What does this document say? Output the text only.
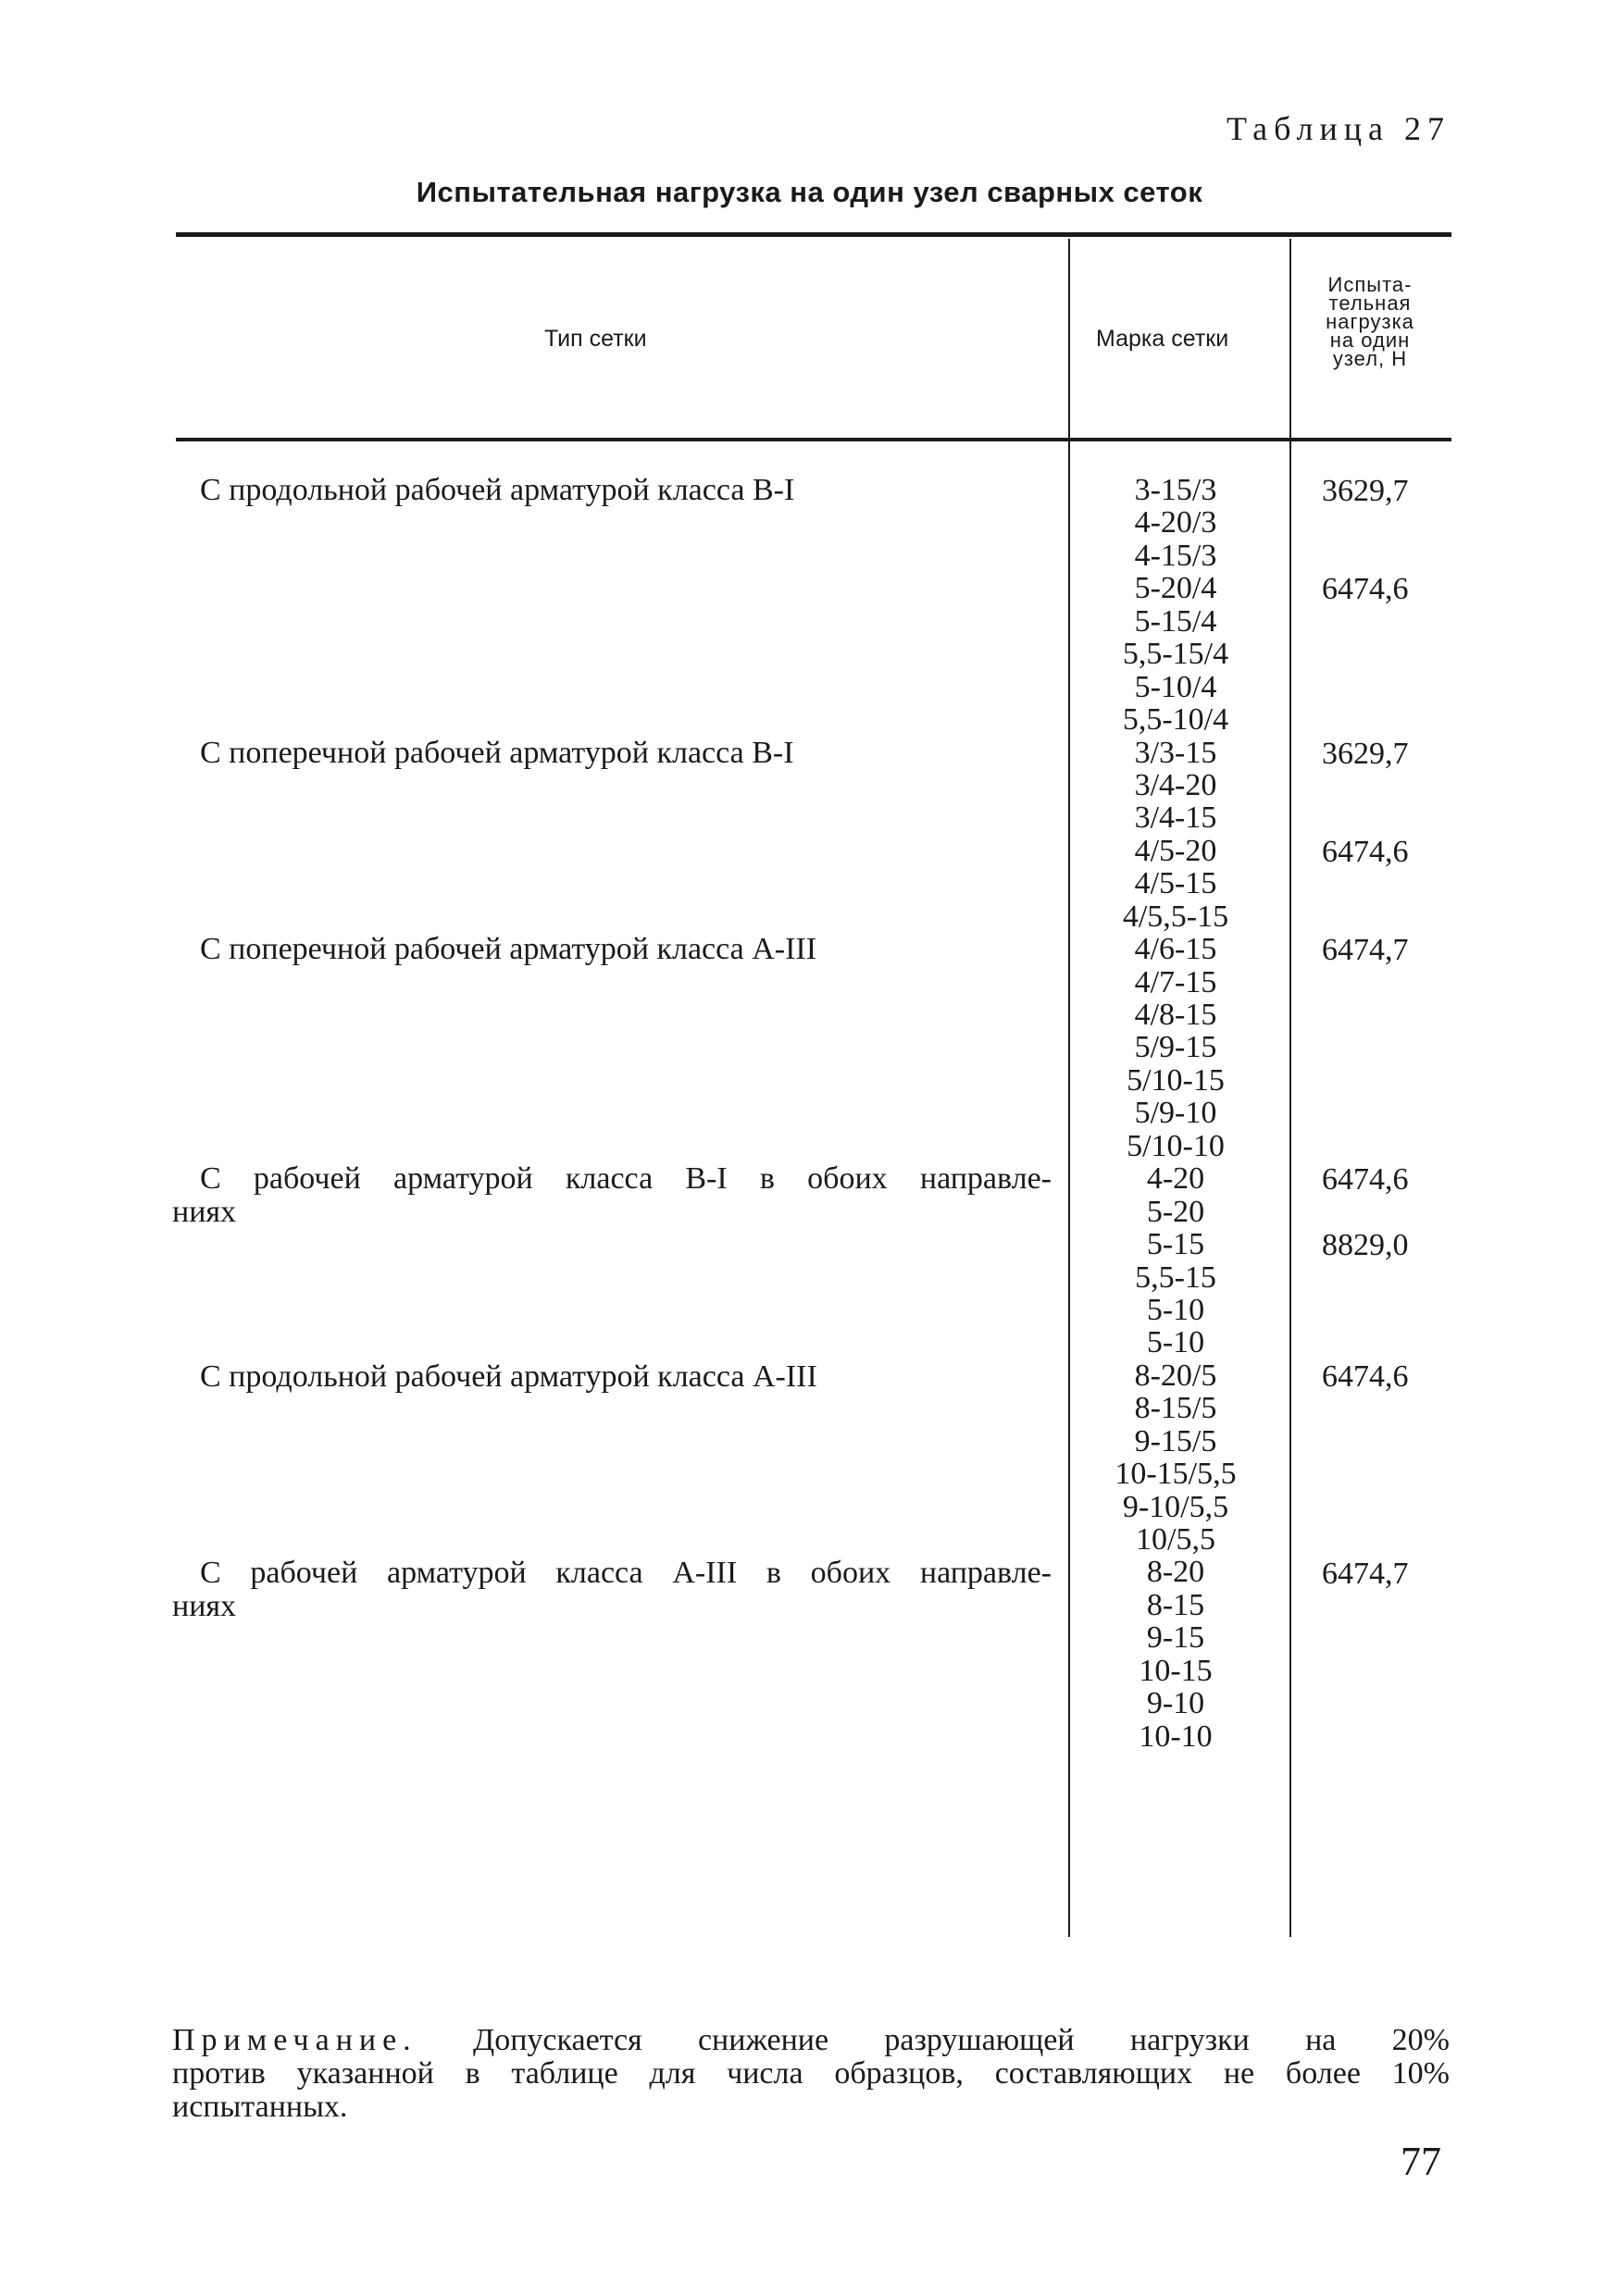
Таблица 27
Испытательная нагрузка на один узел сварных сеток
Тип сетки	Марка сетки
Испыта-
тельная
нагрузка
на один
узел, Н
С продольной рабочей арматурой класса В-I
С поперечной рабочей арматурой класса В-I
С поперечной рабочей арматурой класса А-III
С рабочей арматурой класса В-I в обоих направле-
ниях
С продольной рабочей арматурой класса А-III
С рабочей арматурой класса А-III в обоих направле-
ниях
3-15/3
4-20/3
4-15/3
5-20/4
5-15/4
5,5-15/4
5-10/4
5,5-10/4
3/3-15
3/4-20
3/4-15
4/5-20
4/5-15
4/5,5-15
4/6-15
4/7-15
4/8-15
5/9-15
5/10-15
5/9-10
5/10-10
4-20
5-20
5-15
5,5-15
5-10
5-10
8-20/5
8-15/5
9-15/5
10-15/5,5
9-10/5,5
10/5,5
8-20
8-15
9-15
10-15
9-10
10-10
3629,7
6474,6
3629,7
6474,6
6474,7
6474,6
8829,0
6474,6
6474,7
Примечание. Допускается снижение разрушающей нагрузки на 20%
против указанной в таблице для числа образцов, составляющих не более 10%
испытанных.
77
